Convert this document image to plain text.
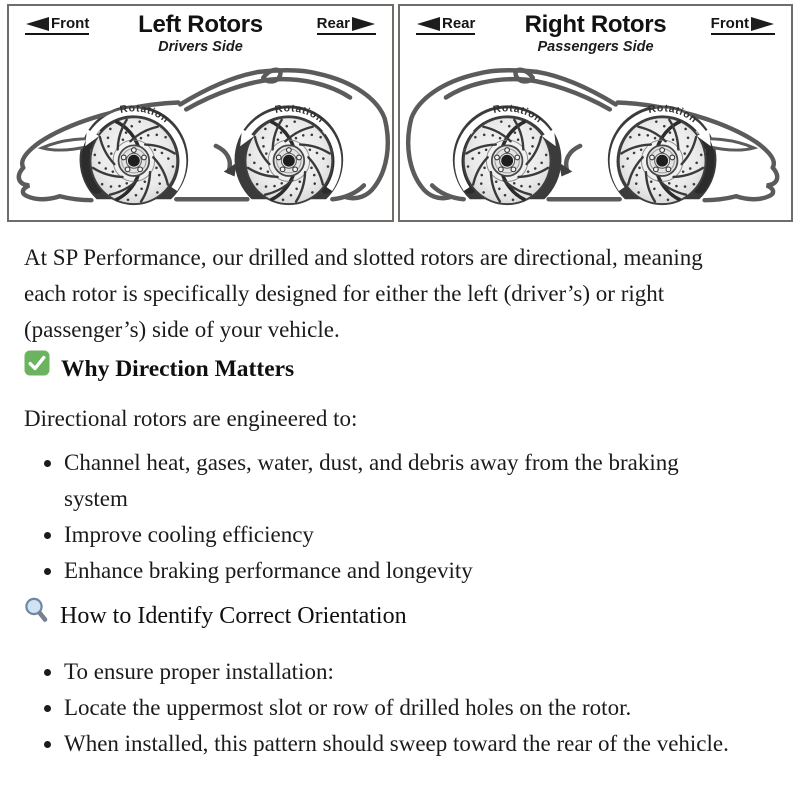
Front	Left Rotors
Drivers Side
Rear
Rotation
Rotation
Rear	Right Rotors
Passengers Side
Front
Rotation
Rotation

At SP Performance, our drilled and slotted rotors are directional, meaning each rotor is specifically designed for either the left (driver’s) or right (passenger’s) side of your vehicle.

Why Direction Matters

Directional rotors are engineered to:

• Channel heat, gases, water, dust, and debris away from the braking system
• Improve cooling efficiency
• Enhance braking performance and longevity
How to Identify Correct Orientation
• To ensure proper installation:
• Locate the uppermost slot or row of drilled holes on the rotor.
• When installed, this pattern should sweep toward the rear of the vehicle.
